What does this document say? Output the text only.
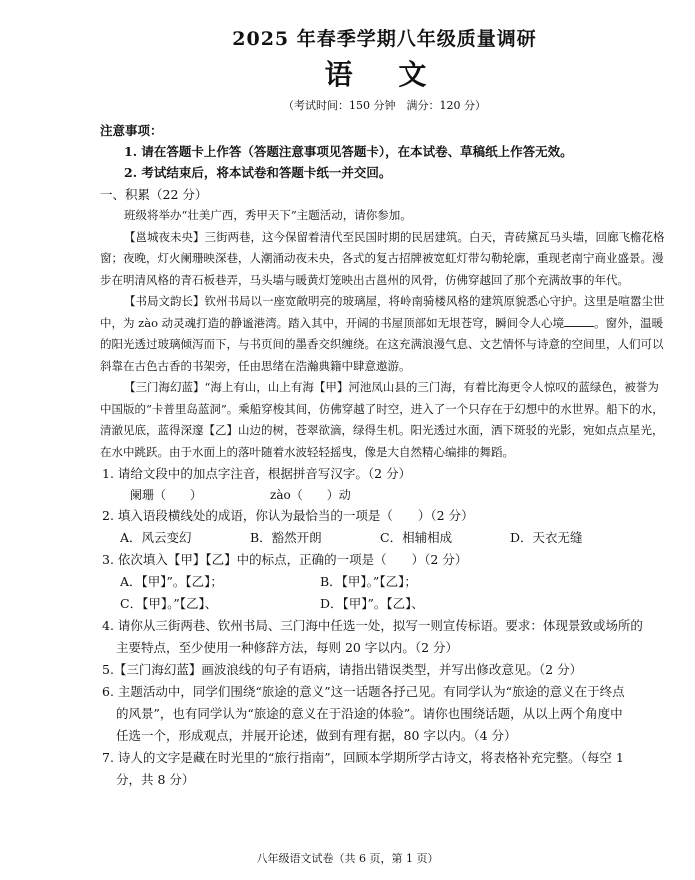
2025 年春季学期八年级质量调研
语 文
（考试时间：150 分钟　满分：120 分）
注意事项：
1. 请在答题卡上作答（答题注意事项见答题卡），在本试卷、草稿纸上作答无效。
2. 考试结束后，将本试卷和答题卡纸一并交回。
一、积累（22 分）

班级将举办“壮美广西，秀甲天下”主题活动，请你参加。

【邕城夜未央】三街两巷，这今保留着清代至民国时期的民居建筑。白天，青砖黛瓦马头墙，回廊飞檐花格窗；夜晚，灯火阑珊映深巷，人潮涌动夜未央，各式的复古招牌被宽虹灯带勾勒轮廓，重现老南宁商业盛景。漫步在明清风格的青石板巷弄，马头墙与暖黄灯笼映出古邕州的风骨，仿佛穿越回了那个充满故事的年代。

【书局文韵长】钦州书局以一座宽敞明亮的玻璃屋，将岭南骑楼风格的建筑原貌悉心守护。这里是喧嚣尘世中，为 zào 动灵魂打造的静谧港湾。踏入其中，开阔的书屋顶部如无垠苍穹，瞬间令人心境	。窗外，温暖的阳光透过玻璃倾泻而下，与书页间的墨香交织缠绕。在这充满浪漫气息、文艺情怀与诗意的空间里，人们可以斜靠在古色古香的书架旁，任由思绪在浩瀚典籍中肆意遨游。

【三门海幻蓝】“海上有山，山上有海【甲】河池凤山县的三门海，有着比海更令人惊叹的蓝绿色，被誉为中国版的“卡普里岛蓝洞”。乘船穿梭其间，仿佛穿越了时空，进入了一个只存在于幻想中的水世界。船下的水，清澈见底，蓝得深邃【乙】山边的树，苍翠欲滴，绿得生机。阳光透过水面，洒下斑驳的光影，宛如点点星光，在水中跳跃。由于水面上的落叶随着水波轻轻摇曳，像是大自然精心编排的舞蹈。

1. 请给文段中的加点字注音，根据拼音写汉字。（2 分）
阑珊（　　）	zào（　　）动
2. 填入语段横线处的成语，你认为最恰当的一项是（　　）（2 分）
A．风云变幻	B．豁然开朗	C．相辅相成	D．天衣无缝
3. 依次填入【甲】【乙】中的标点，正确的一项是（　　）（2 分）
A．【甲】”。【乙】；	B．【甲】。”【乙】；
C．【甲】。”【乙】、	D．【甲】”。【乙】、
4. 请你从三街两巷、钦州书局、三门海中任选一处，拟写一则宣传标语。要求：体现景致或场所的
主要特点，至少使用一种修辞方法，每则 20 字以内。（2 分）
5.【三门海幻蓝】画波浪线的句子有语病，请指出错误类型，并写出修改意见。（2 分）
6. 主题活动中，同学们围绕“旅途的意义”这一话题各抒己见。有同学认为“旅途的意义在于终点
的风景”，也有同学认为“旅途的意义在于沿途的体验”。请你也围绕话题，从以上两个角度中
任选一个，形成观点，并展开论述，做到有理有据，80 字以内。（4 分）
7. 诗人的文字是藏在时光里的“旅行指南”，回顾本学期所学古诗文，将表格补充完整。（每空 1
分，共 8 分）
八年级语文试卷（共 6 页，第 1 页）
